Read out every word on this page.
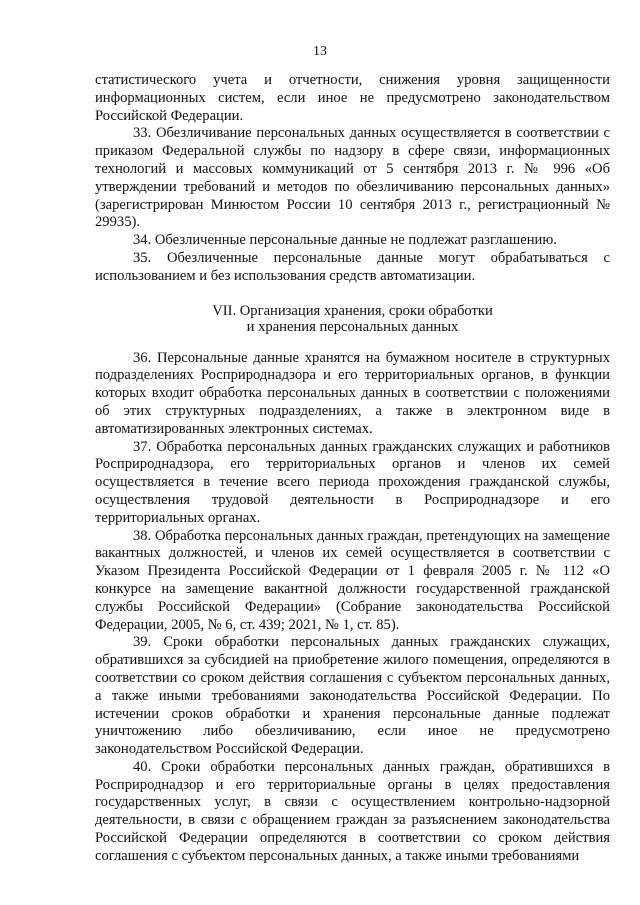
13

статистического учета и отчетности, снижения уровня защищенности информационных систем, если иное не предусмотрено законодательством Российской Федерации.

33. Обезличивание персональных данных осуществляется в соответствии с приказом Федеральной службы по надзору в сфере связи, информационных технологий и массовых коммуникаций от 5 сентября 2013 г. № 996 «Об утверждении требований и методов по обезличиванию персональных данных» (зарегистрирован Минюстом России 10 сентября 2013 г., регистрационный № 29935).

34. Обезличенные персональные данные не подлежат разглашению.

35. Обезличенные персональные данные могут обрабатываться с использованием и без использования средств автоматизации.

VII. Организация хранения, сроки обработки
и хранения персональных данных

36. Персональные данные хранятся на бумажном носителе в структурных подразделениях Росприроднадзора и его территориальных органов, в функции которых входит обработка персональных данных в соответствии с положениями об этих структурных подразделениях, а также в электронном виде в автоматизированных электронных системах.

37. Обработка персональных данных гражданских служащих и работников Росприроднадзора, его территориальных органов и членов их семей осуществляется в течение всего периода прохождения гражданской службы, осуществления трудовой деятельности в Росприроднадзоре и его территориальных органах.

38. Обработка персональных данных граждан, претендующих на замещение вакантных должностей, и членов их семей осуществляется в соответствии с Указом Президента Российской Федерации от 1 февраля 2005 г. № 112 «О конкурсе на замещение вакантной должности государственной гражданской службы Российской Федерации» (Собрание законодательства Российской Федерации, 2005, № 6, ст. 439; 2021, № 1, ст. 85).

39. Сроки обработки персональных данных гражданских служащих, обратившихся за субсидией на приобретение жилого помещения, определяются в соответствии со сроком действия соглашения с субъектом персональных данных, а также иными требованиями законодательства Российской Федерации. По истечении сроков обработки и хранения персональные данные подлежат уничтожению либо обезличиванию, если иное не предусмотрено законодательством Российской Федерации.

40. Сроки обработки персональных данных граждан, обратившихся в Росприроднадзор и его территориальные органы в целях предоставления государственных услуг, в связи с осуществлением контрольно-надзорной деятельности, в связи с обращением граждан за разъяснением законодательства Российской Федерации определяются в соответствии со сроком действия соглашения с субъектом персональных данных, а также иными требованиями
